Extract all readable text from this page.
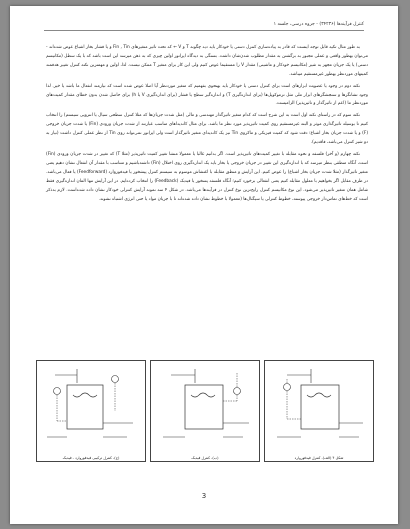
کنترل فرآیندها (۳۴۲۳۶) - جزوه درسی، جلسه ۱

به طور مثال تکیه قابل توجه اینست که قادر به پیاده‌سازی کنترل دستی یا خودکار باید دید چگونه T و V ← که تحت تاثیر متغیرهای Fin , Tin و یا فشار بخار اشباع عوض شده‌اند - می‌توان بهطور واقعی و عملی مجبور به برگشتن به مقدار مطلوب شدن‌شان داشت. بستگی به دیدگاه اپراتور اولین چیزی که به ذهن میرسد این است باشد که با یک سطل (مکانیسم دستی) یا یک جریان مجهز به شیر (مکانیسم خودکار و ماشینی) مقدار V را مستقیما عوض کنیم ولی این کار برای متغیر T ممکن نیست. لذا، اولین و مهمترین نکته کنترل تغییر هدفمند کمیتهای موردنظر بهطور غیرمستقیم میباشد.

نکته دوم در وجود یا عضویت ابزارهای است برای کنترل دستی یا خودکار باید بهنحوی بفهمیم که متغیر موردنظر آیا اصلا عوض شده است که نیازمند انفعال ما باشد یا خیر. لذا وجود تشانگرها و سنجشگرهای ابزار ملی مثل ترموکوپل‌ها (برای اندازه‌گیری T) و اندازه‌گیر سطح یا فشار (برای اندازه‌گیری V یا h) برای حاصل شدن بدون خطای مقدار کمیت‌های موردنظر ما (اعم از تاثیرگذار و تاثیرپذیر) الزامیست.

نکته سوم که در راستای نکته اول است به این شرح است که کدام متغیر تاثیرگذار مهندسی و مالی (مثل شدت جریان‌ها که مثلا کنترل سطحی سیال یا انتروپی سیستم) را انتخاب کنیم تا بوسیله تاثیرگذاری موثر و البته غیرمستقیم روی کمیت تاثیرپذیر مورد نظر ما باشد. برای مثال کاندیداهای مناسب عبارتند از شدت جریان ورودی (Fin) یا شدت جریان خروجی (F) و یا شدت جریان بخار اشباع؛ دقت شود که کمیت فیزیکی و ماکروی Tin نیز یک کاندیدای متغیر تاثیرگذار است ولی اپراتور نمی‌تواند روی Tin از نظر عملی کنترل داشت (نیاز به دو شیر کنترل می‌باشد، فاقدیم).

نکته چهارم (و آخر) فلسفه و نحوه مقابله با تغییر کمیت‌های تاثیرپذیر است. اگر بدانیم غالبا یا معمولا منشا تغییر کمیت تاثیرپذیر (مثلا T) که تغییر در شدت جریان ورودی (Fin) است، آنگاه منطقی بنظر میرسد که با اندازه‌گیری این تغییر در جریان خروجی یا بخار باید یک اندازه‌گیری روی اختلال (Fin) داشته‌باشیم و متناسب با مقدار آن انفعال نشان دهیم یعنی متغیر تاثیرگذار (مثلا شدت جریان بخار اشباع) را عوض کنیم. این آرایش و منطق مقابله با اغتشاش موسوم به سیستم کنترل پیشخور یا فیدفوروارد (Feedforward) یا فعال می‌باشد. در طرف مقابل اگر بخواهیم با معلول مقابله کنیم یعنی انفعالی برخورد کنیم؛ آنگاه فلسفه پسخور یا فیدبک (Feedback) را انتخاب کرده‌ایم. در این آرایش تنها المان اندازه‌گیری فقط شامل همان متغیر تاثیرپذیر می‌شود. این نوع مکانیسم کنترل رایج‌ترین نوع کنترل در فرآیندها می‌باشد. در شکل ۴ سه نمونه آرایش کنترلی خودکار نشان داده شده‌است. لازم به‌ذکر است که خط‌های تماس‌دار خروجی پیوسته، خطوط کنترلی یا سیگنال‌ها (معمولا با خطوط نشان داده شده‌اند تا با جریان مواد یا حتی انرژی اشتباه نشوند.

(ج)- کنترل ترکیبی فیدفوروارد - فیدبک	(ب)- کنترل فیدبک	شکل ۴ (الف)- کنترل فیدفوروارد
3
